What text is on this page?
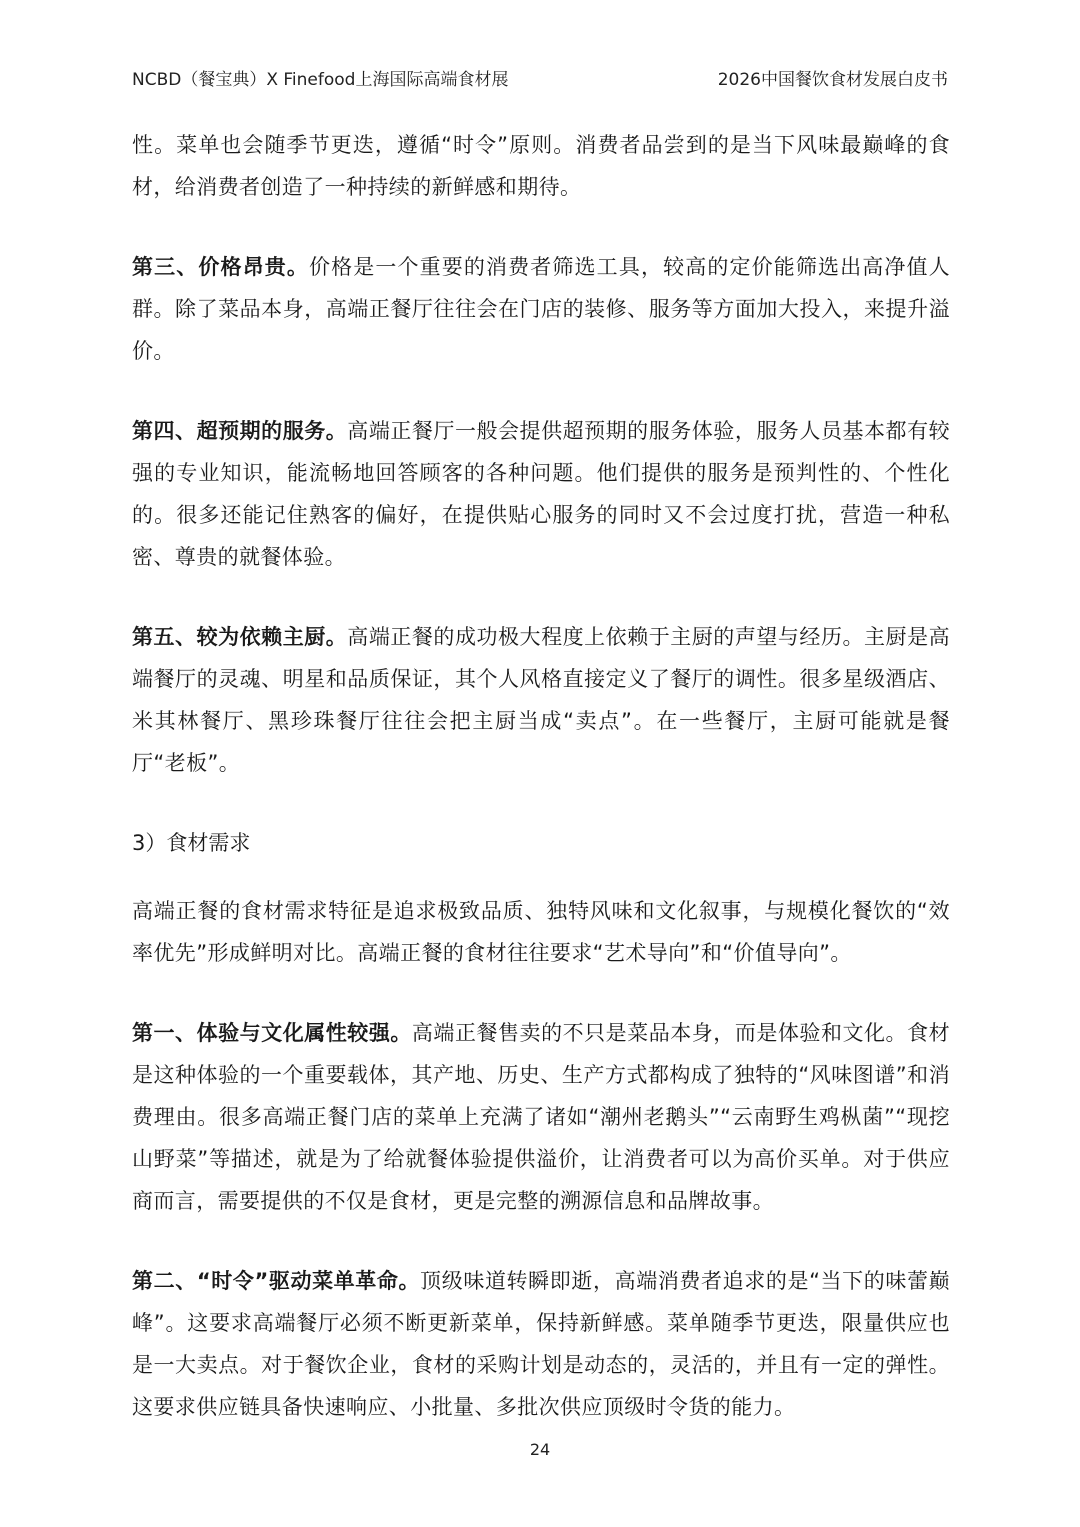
NCBD（餐宝典）X Finefood上海国际高端食材展	2026中国餐饮食材发展白皮书

性。菜单也会随季节更迭，遵循“时令”原则。消费者品尝到的是当下风味最巅峰的食材，给消费者创造了一种持续的新鲜感和期待。

第三、价格昂贵。价格是一个重要的消费者筛选工具，较高的定价能筛选出高净值人群。除了菜品本身，高端正餐厅往往会在门店的装修、服务等方面加大投入，来提升溢价。

第四、超预期的服务。高端正餐厅一般会提供超预期的服务体验，服务人员基本都有较强的专业知识，能流畅地回答顾客的各种问题。他们提供的服务是预判性的、个性化的。很多还能记住熟客的偏好，在提供贴心服务的同时又不会过度打扰，营造一种私密、尊贵的就餐体验。

第五、较为依赖主厨。高端正餐的成功极大程度上依赖于主厨的声望与经历。主厨是高端餐厅的灵魂、明星和品质保证，其个人风格直接定义了餐厅的调性。很多星级酒店、米其林餐厅、黑珍珠餐厅往往会把主厨当成“卖点”。在一些餐厅，主厨可能就是餐厅“老板”。

3）食材需求

高端正餐的食材需求特征是追求极致品质、独特风味和文化叙事，与规模化餐饮的“效率优先”形成鲜明对比。高端正餐的食材往往要求“艺术导向”和“价值导向”。

第一、体验与文化属性较强。高端正餐售卖的不只是菜品本身，而是体验和文化。食材是这种体验的一个重要载体，其产地、历史、生产方式都构成了独特的“风味图谱”和消费理由。很多高端正餐门店的菜单上充满了诸如“潮州老鹅头”“云南野生鸡枞菌”“现挖山野菜”等描述，就是为了给就餐体验提供溢价，让消费者可以为高价买单。对于供应商而言，需要提供的不仅是食材，更是完整的溯源信息和品牌故事。

第二、“时令”驱动菜单革命。顶级味道转瞬即逝，高端消费者追求的是“当下的味蕾巅峰”。这要求高端餐厅必须不断更新菜单，保持新鲜感。菜单随季节更迭，限量供应也是一大卖点。对于餐饮企业，食材的采购计划是动态的，灵活的，并且有一定的弹性。这要求供应链具备快速响应、小批量、多批次供应顶级时令货的能力。

24
